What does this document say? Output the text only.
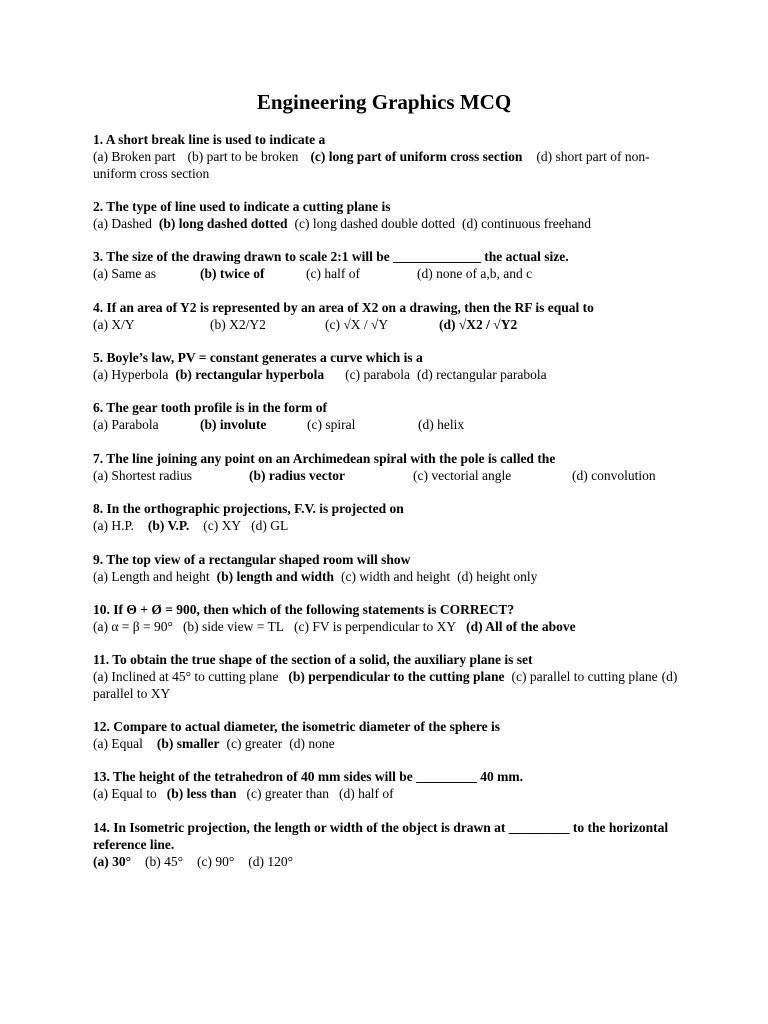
Engineering Graphics MCQ
1. A short break line is used to indicate a
(a) Broken part (b) part to be broken (c) long part of uniform cross section (d) short part of non-uniform cross section
2. The type of line used to indicate a cutting plane is
(a) Dashed (b) long dashed dotted (c) long dashed double dotted (d) continuous freehand
3. The size of the drawing drawn to scale 2:1 will be _____________ the actual size.
(a) Same as	(b) twice of	(c) half of	(d) none of a,b, and c
4. If an area of Y2 is represented by an area of X2 on a drawing, then the RF is equal to
(a) X/Y	(b) X2/Y2	(c) √X / √Y	(d) √X2 / √Y2
5. Boyle’s law, PV = constant generates a curve which is a
(a) Hyperbola (b) rectangular hyperbola (c) parabola (d) rectangular parabola
6. The gear tooth profile is in the form of
(a) Parabola	(b) involute	(c) spiral	(d) helix
7. The line joining any point on an Archimedean spiral with the pole is called the
(a) Shortest radius	(b) radius vector	(c) vectorial angle	(d) convolution
8. In the orthographic projections, F.V. is projected on
(a) H.P. (b) V.P. (c) XY (d) GL
9. The top view of a rectangular shaped room will show
(a) Length and height (b) length and width (c) width and height (d) height only
10. If Θ + Ø = 900, then which of the following statements is CORRECT?
(a) α = β = 90° (b) side view = TL (c) FV is perpendicular to XY (d) All of the above
11. To obtain the true shape of the section of a solid, the auxiliary plane is set
(a) Inclined at 45° to cutting plane (b) perpendicular to the cutting plane (c) parallel to cutting plane (d) parallel to XY
12. Compare to actual diameter, the isometric diameter of the sphere is
(a) Equal (b) smaller (c) greater (d) none
13. The height of the tetrahedron of 40 mm sides will be _________ 40 mm.
(a) Equal to (b) less than (c) greater than (d) half of
14. In Isometric projection, the length or width of the object is drawn at _________ to the horizontal reference line.
(a) 30° (b) 45° (c) 90° (d) 120°
